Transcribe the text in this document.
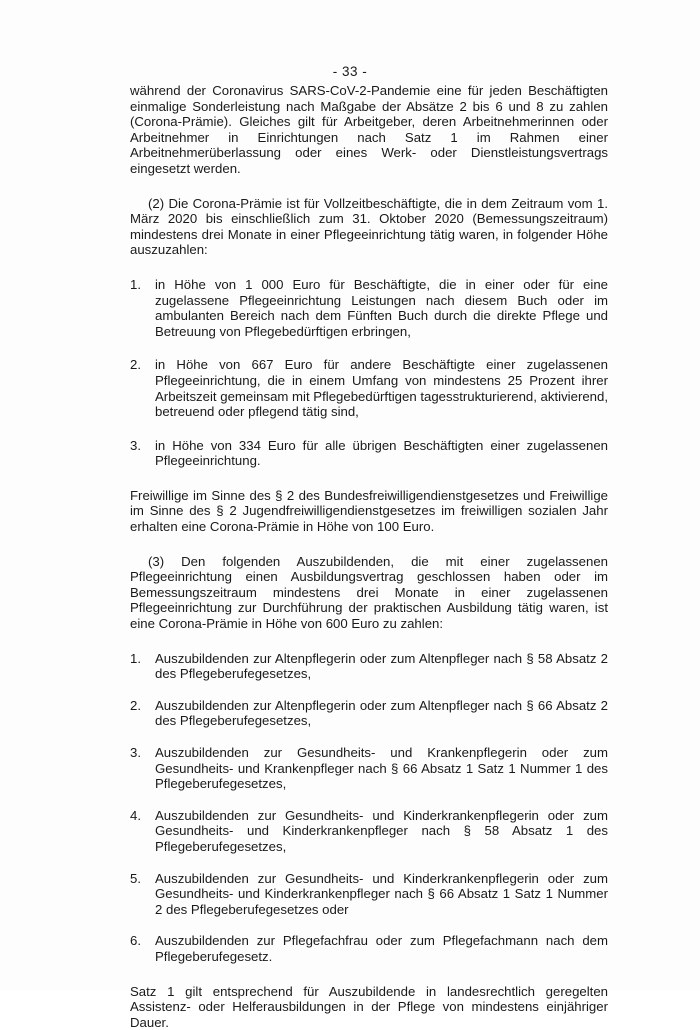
- 33 -

während der Coronavirus SARS-CoV-2-Pandemie eine für jeden Beschäftigten einmalige Sonderleistung nach Maßgabe der Absätze 2 bis 6 und 8 zu zahlen (Corona-Prämie). Gleiches gilt für Arbeitgeber, deren Arbeitnehmerinnen oder Arbeitnehmer in Einrichtungen nach Satz 1 im Rahmen einer Arbeitnehmerüberlassung oder eines Werk- oder Dienstleistungsvertrags eingesetzt werden.

(2) Die Corona-Prämie ist für Vollzeitbeschäftigte, die in dem Zeitraum vom 1. März 2020 bis einschließlich zum 31. Oktober 2020 (Bemessungszeitraum) mindestens drei Monate in einer Pflegeeinrichtung tätig waren, in folgender Höhe auszuzahlen:

1.	in Höhe von 1 000 Euro für Beschäftigte, die in einer oder für eine zugelassene Pflegeeinrichtung Leistungen nach diesem Buch oder im ambulanten Bereich nach dem Fünften Buch durch die direkte Pflege und Betreuung von Pflegebedürftigen erbringen,
2.	in Höhe von 667 Euro für andere Beschäftigte einer zugelassenen Pflegeeinrichtung, die in einem Umfang von mindestens 25 Prozent ihrer Arbeitszeit gemeinsam mit Pflegebedürftigen tagesstrukturierend, aktivierend, betreuend oder pflegend tätig sind,
3.	in Höhe von 334 Euro für alle übrigen Beschäftigten einer zugelassenen Pflegeeinrichtung.

Freiwillige im Sinne des § 2 des Bundesfreiwilligendienstgesetzes und Freiwillige im Sinne des § 2 Jugendfreiwilligendienstgesetzes im freiwilligen sozialen Jahr erhalten eine Corona-Prämie in Höhe von 100 Euro.

(3) Den folgenden Auszubildenden, die mit einer zugelassenen Pflegeeinrichtung einen Ausbildungsvertrag geschlossen haben oder im Bemessungszeitraum mindestens drei Monate in einer zugelassenen Pflegeeinrichtung zur Durchführung der praktischen Ausbildung tätig waren, ist eine Corona-Prämie in Höhe von 600 Euro zu zahlen:

1.	Auszubildenden zur Altenpflegerin oder zum Altenpfleger nach § 58 Absatz 2 des Pflegeberufegesetzes,
2.	Auszubildenden zur Altenpflegerin oder zum Altenpfleger nach § 66 Absatz 2 des Pflegeberufegesetzes,
3.	Auszubildenden zur Gesundheits- und Krankenpflegerin oder zum Gesundheits- und Krankenpfleger nach § 66 Absatz 1 Satz 1 Nummer 1 des Pflegeberufegesetzes,
4.	Auszubildenden zur Gesundheits- und Kinderkrankenpflegerin oder zum Gesundheits- und Kinderkrankenpfleger nach § 58 Absatz 1 des Pflegeberufegesetzes,
5.	Auszubildenden zur Gesundheits- und Kinderkrankenpflegerin oder zum Gesundheits- und Kinderkrankenpfleger nach § 66 Absatz 1 Satz 1 Nummer 2 des Pflegeberufegesetzes oder
6.	Auszubildenden zur Pflegefachfrau oder zum Pflegefachmann nach dem Pflegeberufegesetz.

Satz 1 gilt entsprechend für Auszubildende in landesrechtlich geregelten Assistenz- oder Helferausbildungen in der Pflege von mindestens einjähriger Dauer.
